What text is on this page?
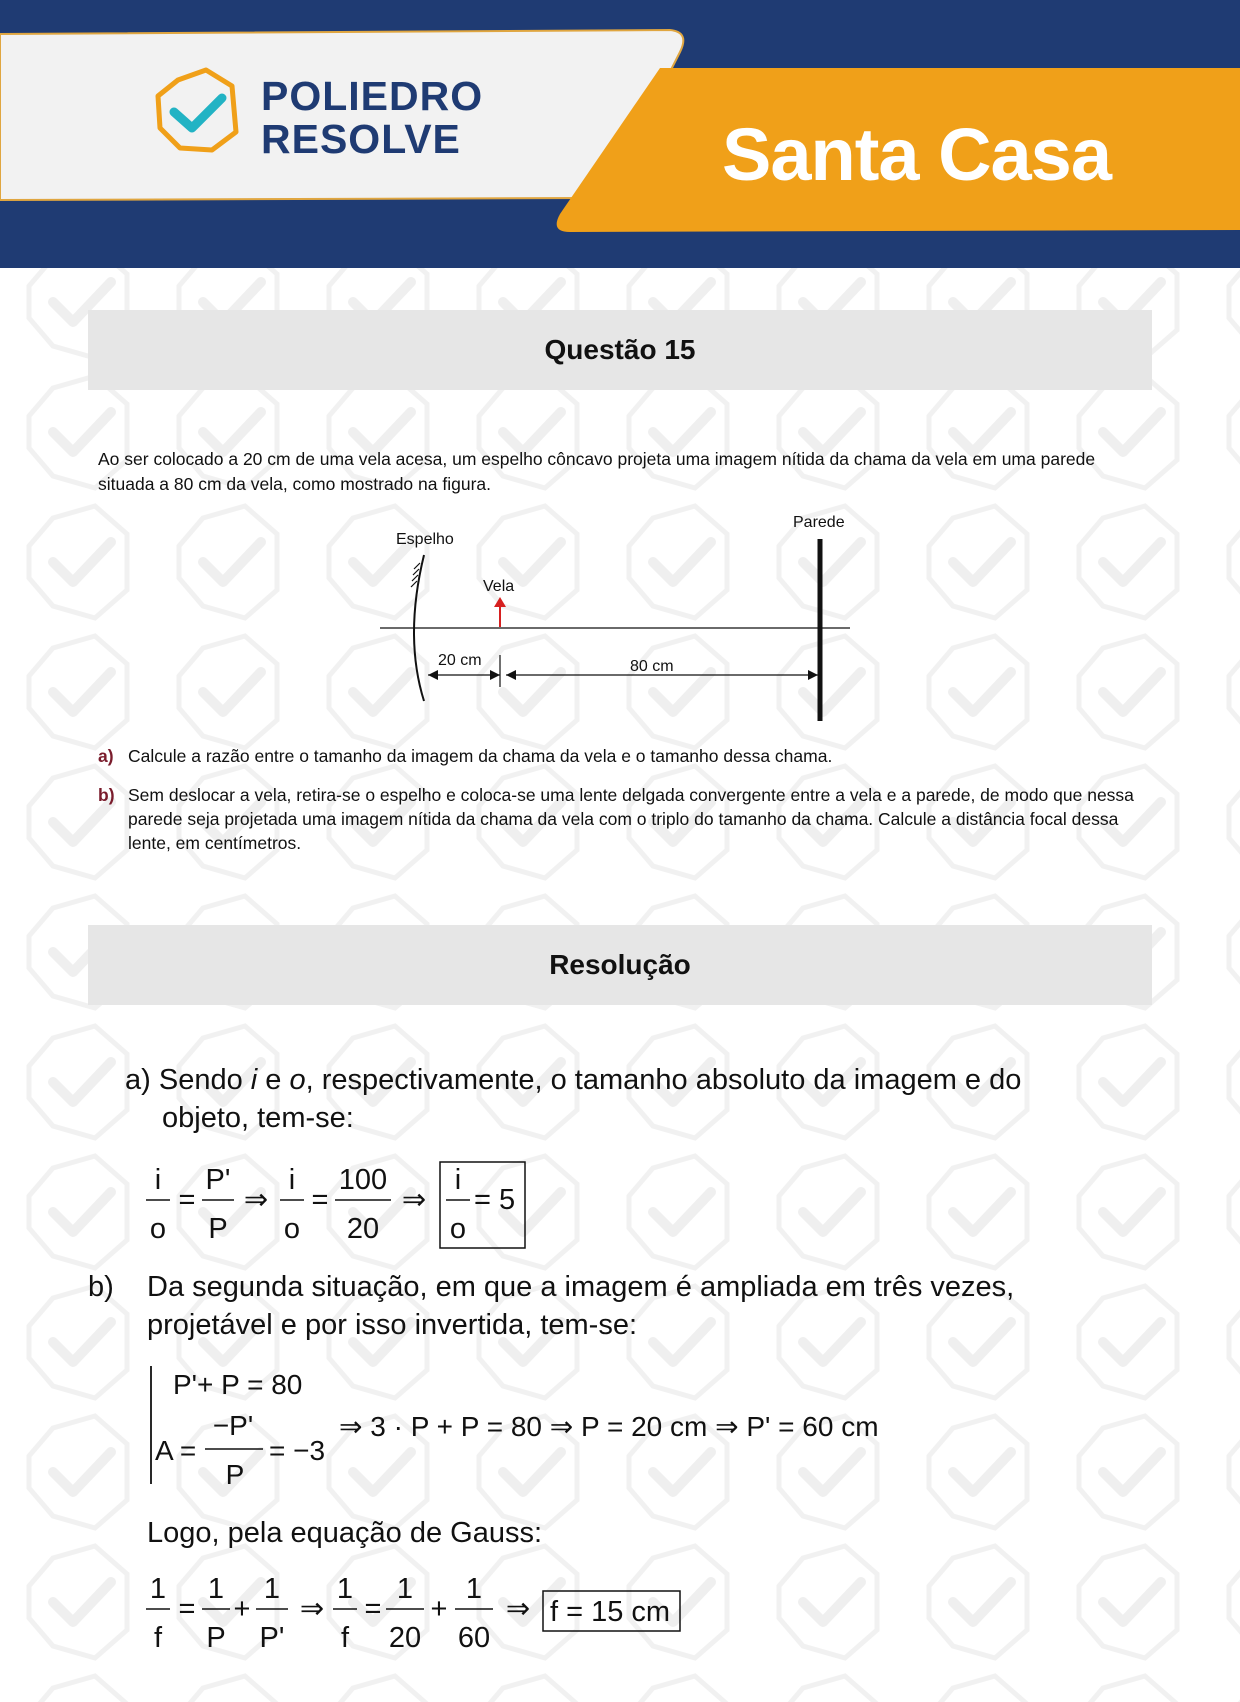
POLIEDRO
RESOLVE	Santa Casa
Questão 15
Ao ser colocado a 20 cm de uma vela acesa, um espelho côncavo projeta uma imagem nítida da chama da vela em uma parede situada a 80 cm da vela, como mostrado na figura.
Espelho
Vela
Parede
20 cm	80 cm
a) Calcule a razão entre o tamanho da imagem da chama da vela e o tamanho dessa chama.
b) Sem deslocar a vela, retira-se o espelho e coloca-se uma lente delgada convergente entre a vela e a parede, de modo que nessa parede seja projetada uma imagem nítida da chama da vela com o triplo do tamanho da chama. Calcule a distância focal dessa lente, em centímetros.
Resolução
a) Sendo i e o, respectivamente, o tamanho absoluto da imagem e do
objeto, tem-se:
i
o
=
P'
P
⇒
i
o
=
100
20
⇒
i
o
= 5
b) Da segunda situação, em que a imagem é ampliada em três vezes,
projetável e por isso invertida, tem-se:
P'+ P = 80
A =
−P'
P
= −3
⇒ 3 · P + P = 80 ⇒ P = 20 cm ⇒ P' = 60 cm
Logo, pela equação de Gauss:
1
f
=
1
P
+
1
P'
⇒
1
f
=
1
20
+
1
60
⇒ f = 15 cm
